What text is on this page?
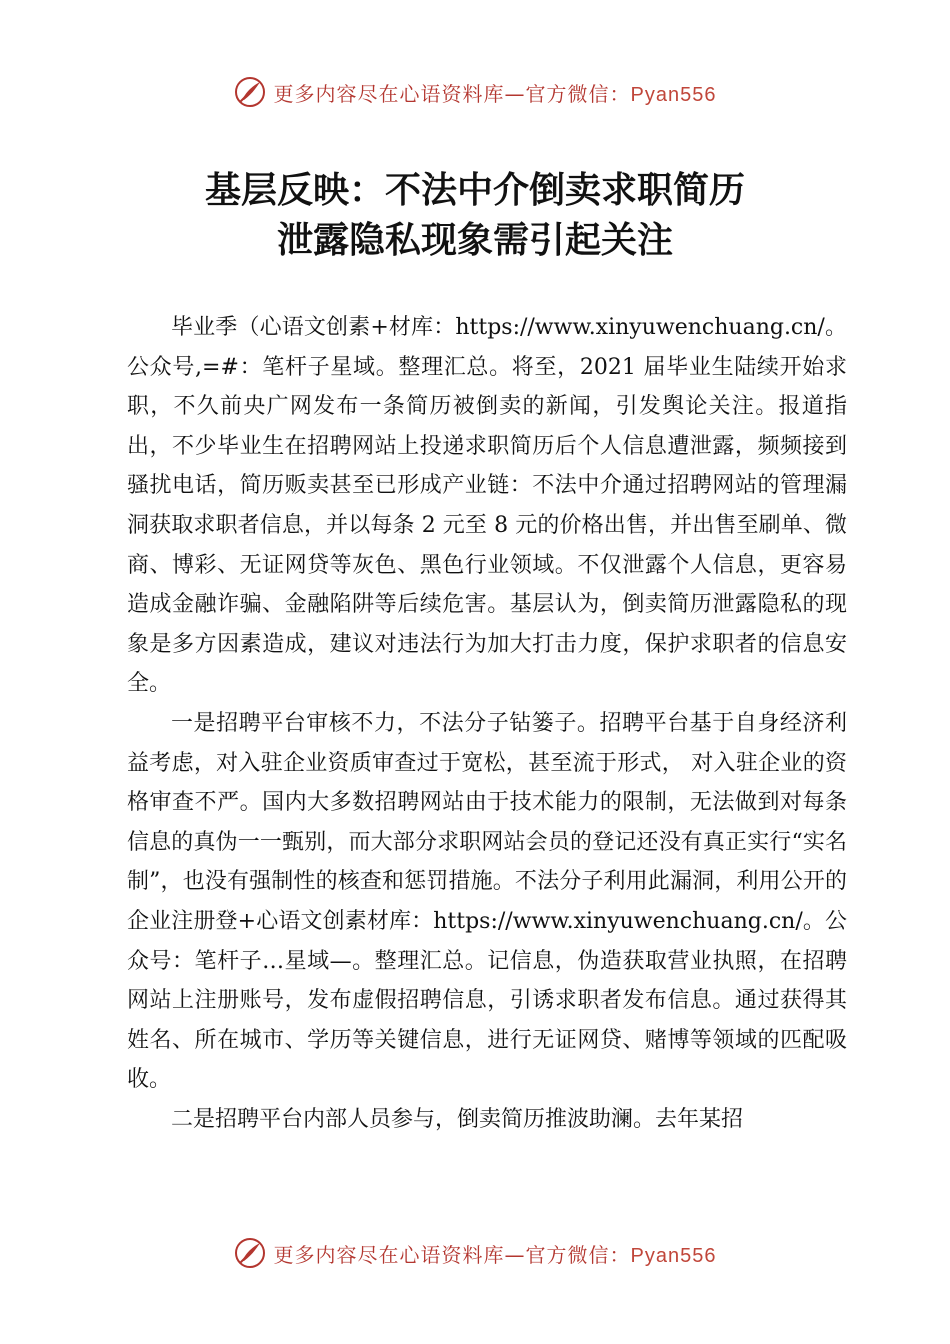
更多内容尽在心语资料库—官方微信：Pyan556
基层反映：不法中介倒卖求职简历
泄露隐私现象需引起关注

毕业季（心语文创素+材库：https://www.xinyuwenchuang.cn/。公众号,=#：笔杆子星域。整理汇总。将至，2021 届毕业生陆续开始求职，不久前央广网发布一条简历被倒卖的新闻，引发舆论关注。报道指出，不少毕业生在招聘网站上投递求职简历后个人信息遭泄露，频频接到骚扰电话，简历贩卖甚至已形成产业链：不法中介通过招聘网站的管理漏洞获取求职者信息，并以每条 2 元至 8 元的价格出售，并出售至刷单、微商、博彩、无证网贷等灰色、黑色行业领域。不仅泄露个人信息，更容易造成金融诈骗、金融陷阱等后续危害。基层认为，倒卖简历泄露隐私的现象是多方因素造成，建议对违法行为加大打击力度，保护求职者的信息安全。

一是招聘平台审核不力，不法分子钻篓子。招聘平台基于自身经济利益考虑，对入驻企业资质审查过于宽松，甚至流于形式， 对入驻企业的资格审查不严。国内大多数招聘网站由于技术能力的限制，无法做到对每条信息的真伪一一甄别，而大部分求职网站会员的登记还没有真正实行“实名制”，也没有强制性的核查和惩罚措施。不法分子利用此漏洞，利用公开的企业注册登+心语文创素材库：https://www.xinyuwenchuang.cn/。公众号：笔杆子…星域—。整理汇总。记信息，伪造获取营业执照，在招聘网站上注册账号，发布虚假招聘信息，引诱求职者发布信息。通过获得其姓名、所在城市、学历等关键信息，进行无证网贷、赌博等领域的匹配吸收。

二是招聘平台内部人员参与，倒卖简历推波助澜。去年某招

更多内容尽在心语资料库—官方微信：Pyan556
